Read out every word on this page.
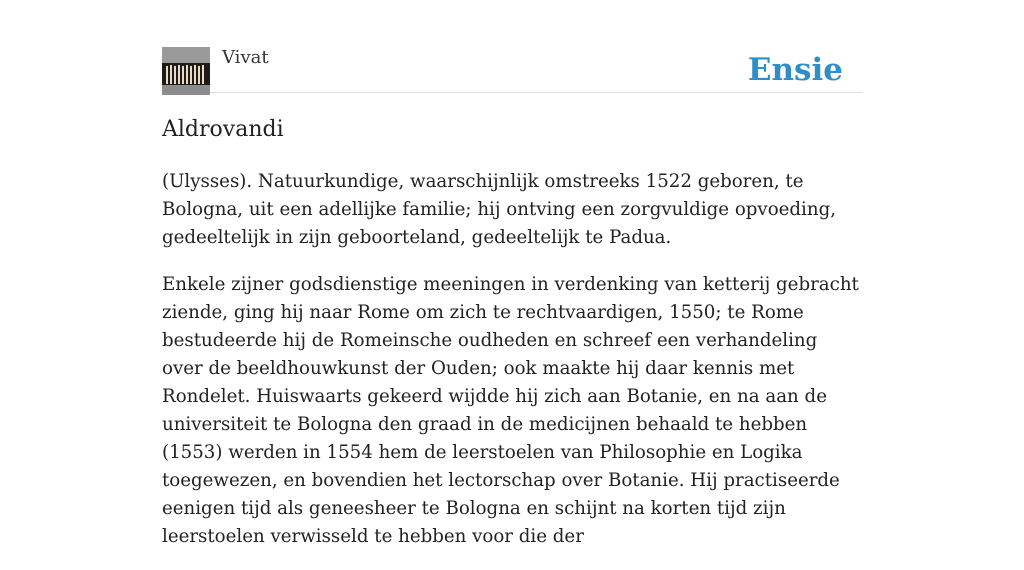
Vivat	Ensie
Aldrovandi

(Ulysses). Natuurkundige, waarschijnlijk omstreeks 1522 geboren, te Bologna, uit een adellijke familie; hij ontving een zorgvuldige opvoeding, gedeeltelijk in zijn geboorteland, gedeeltelijk te Padua.

Enkele zijner godsdienstige meeningen in verdenking van ketterij gebracht ziende, ging hij naar Rome om zich te rechtvaardigen, 1550; te Rome bestudeerde hij de Romeinsche oudheden en schreef een verhandeling over de beeldhouwkunst der Ouden; ook maakte hij daar kennis met Rondelet. Huiswaarts gekeerd wijdde hij zich aan Botanie, en na aan de universiteit te Bologna den graad in de medicijnen behaald te hebben (1553) werden in 1554 hem de leerstoelen van Philosophie en Logika toegewezen, en bovendien het lectorschap over Botanie. Hij practiseerde eenigen tijd als geneesheer te Bologna en schijnt na korten tijd zijn leerstoelen verwisseld te hebben voor die der
